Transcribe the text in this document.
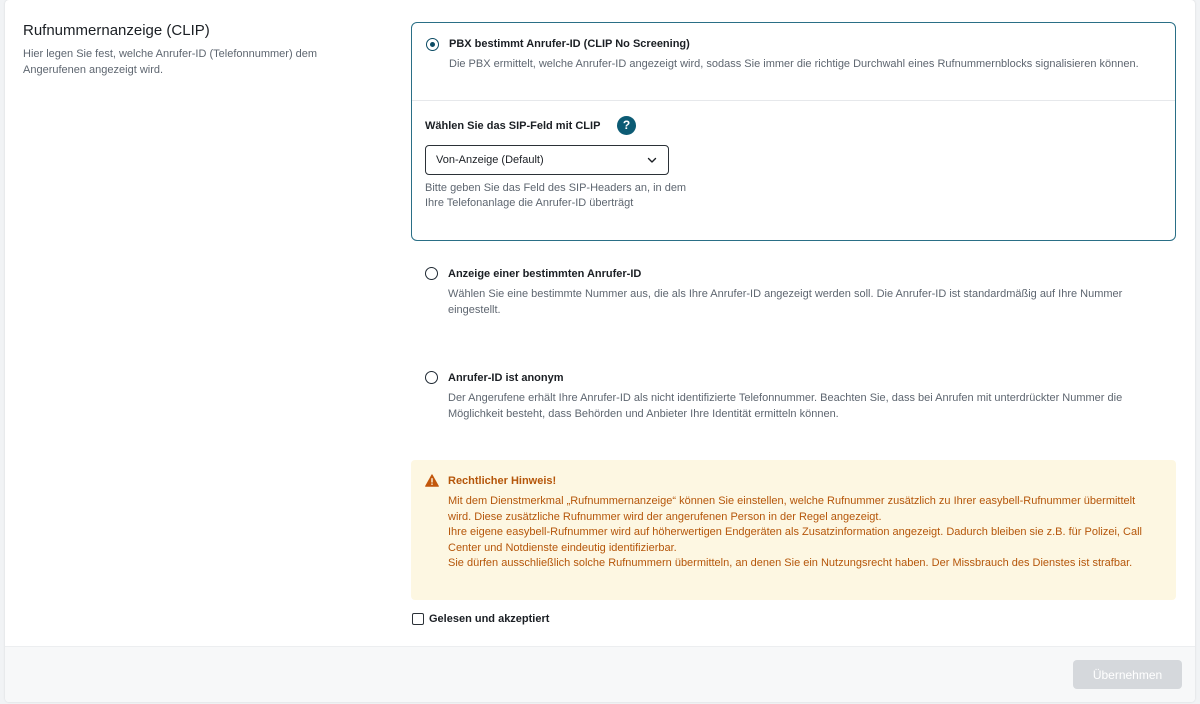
Rufnummernanzeige (CLIP)
Hier legen Sie fest, welche Anrufer-ID (Telefonnummer) dem Angerufenen angezeigt wird.
PBX bestimmt Anrufer-ID (CLIP No Screening)
Die PBX ermittelt, welche Anrufer-ID angezeigt wird, sodass Sie immer die richtige Durchwahl eines Rufnummernblocks signalisieren können.
Wählen Sie das SIP-Feld mit CLIP	?
Von-Anzeige (Default)
Bitte geben Sie das Feld des SIP-Headers an, in dem Ihre Telefonanlage die Anrufer-ID überträgt
Anzeige einer bestimmten Anrufer-ID
Wählen Sie eine bestimmte Nummer aus, die als Ihre Anrufer-ID angezeigt werden soll. Die Anrufer-ID ist standardmäßig auf Ihre Nummer eingestellt.
Anrufer-ID ist anonym
Der Angerufene erhält Ihre Anrufer-ID als nicht identifizierte Telefonnummer. Beachten Sie, dass bei Anrufen mit unterdrückter Nummer die Möglichkeit besteht, dass Behörden und Anbieter Ihre Identität ermitteln können.
Rechtlicher Hinweis!
Mit dem Dienstmerkmal „Rufnummernanzeige“ können Sie einstellen, welche Rufnummer zusätzlich zu Ihrer easybell-Rufnummer übermittelt wird. Diese zusätzliche Rufnummer wird der angerufenen Person in der Regel angezeigt.
Ihre eigene easybell-Rufnummer wird auf höherwertigen Endgeräten als Zusatzinformation angezeigt. Dadurch bleiben sie z.B. für Polizei, Call Center und Notdienste eindeutig identifizierbar.
Sie dürfen ausschließlich solche Rufnummern übermitteln, an denen Sie ein Nutzungsrecht haben. Der Missbrauch des Dienstes ist strafbar.
Gelesen und akzeptiert
Übernehmen
